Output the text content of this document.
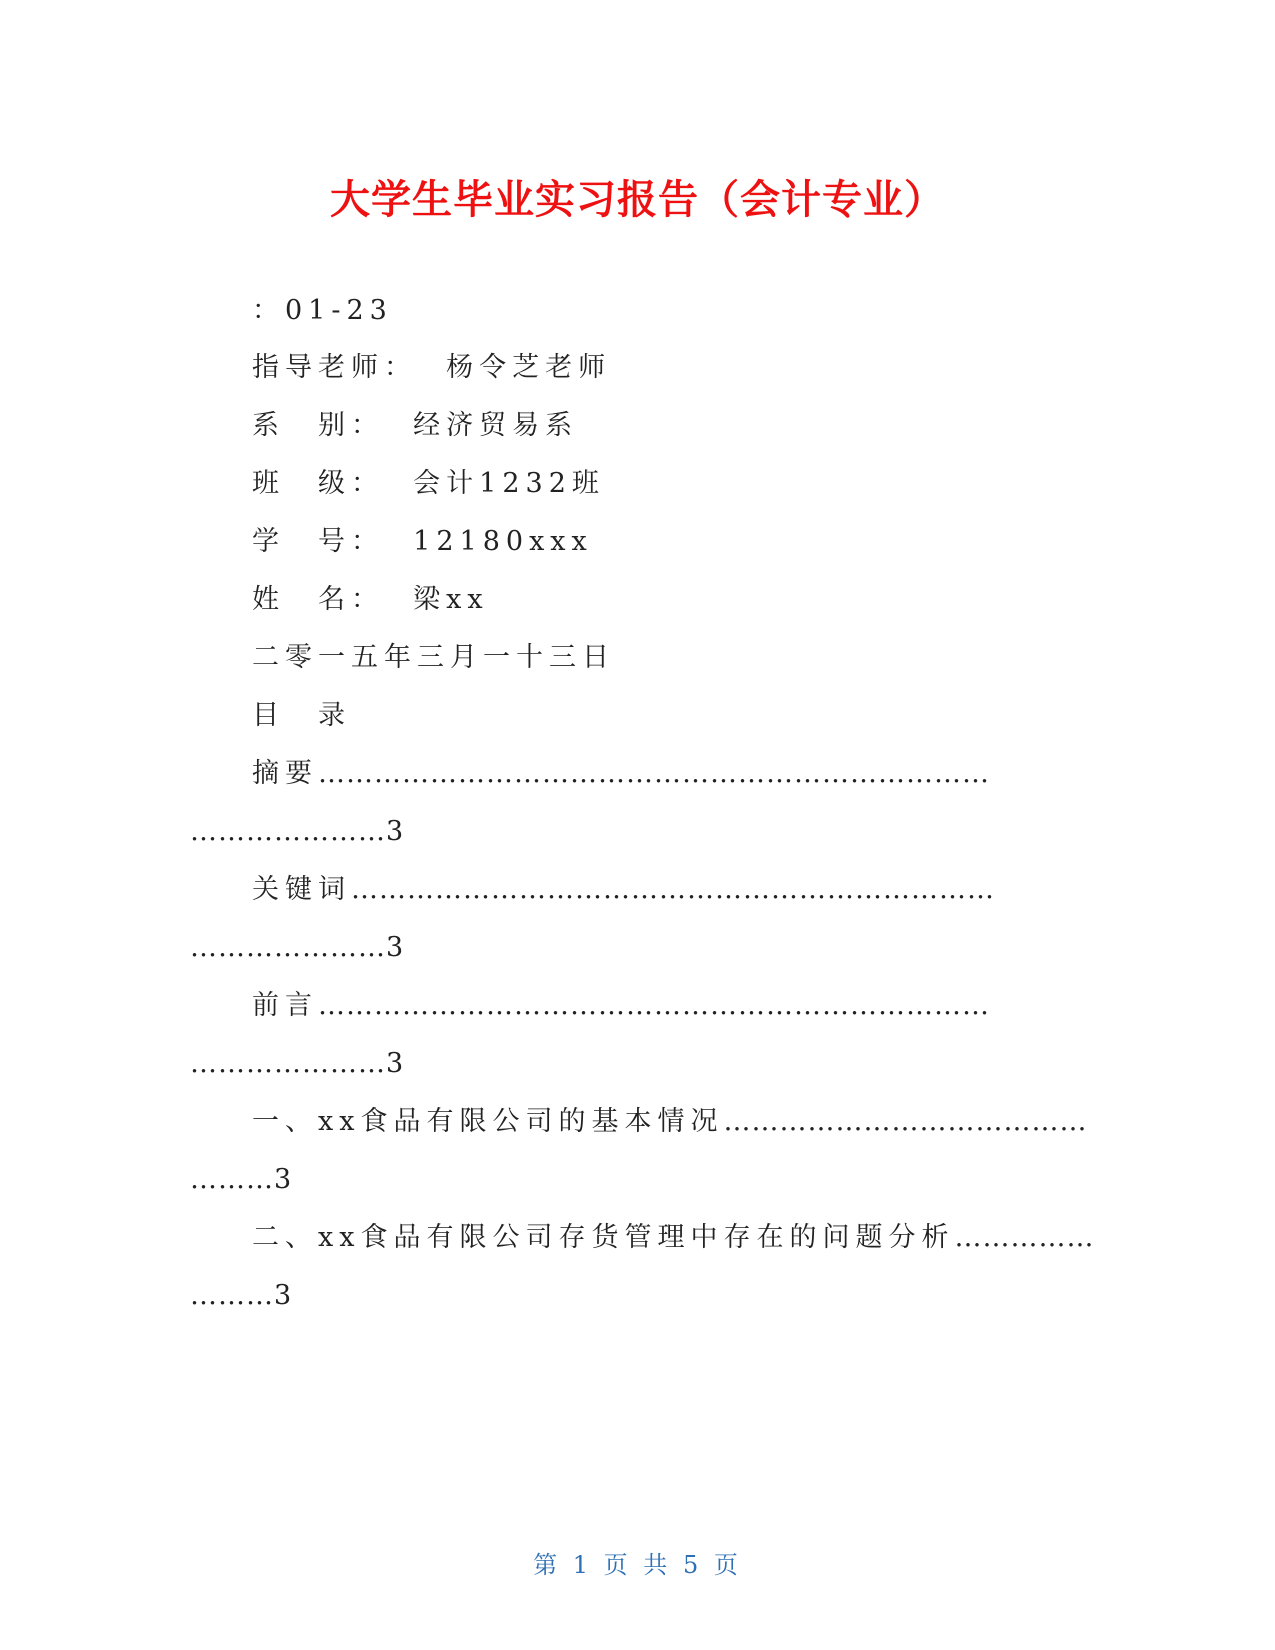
大学生毕业实习报告（会计专业）
：01-23
指导老师： 杨令芝老师
系　别： 经济贸易系
班　级： 会计1232班
学　号： 12180xxx
姓　名： 梁xx
二零一五年三月一十三日
目　录
摘要………………………………………………………………
…………………3
关键词……………………………………………………………
…………………3
前言………………………………………………………………
…………………3
一、xx食品有限公司的基本情况…………………………………
………3
二、xx食品有限公司存货管理中存在的问题分析……………
………3
第 1 页 共 5 页
